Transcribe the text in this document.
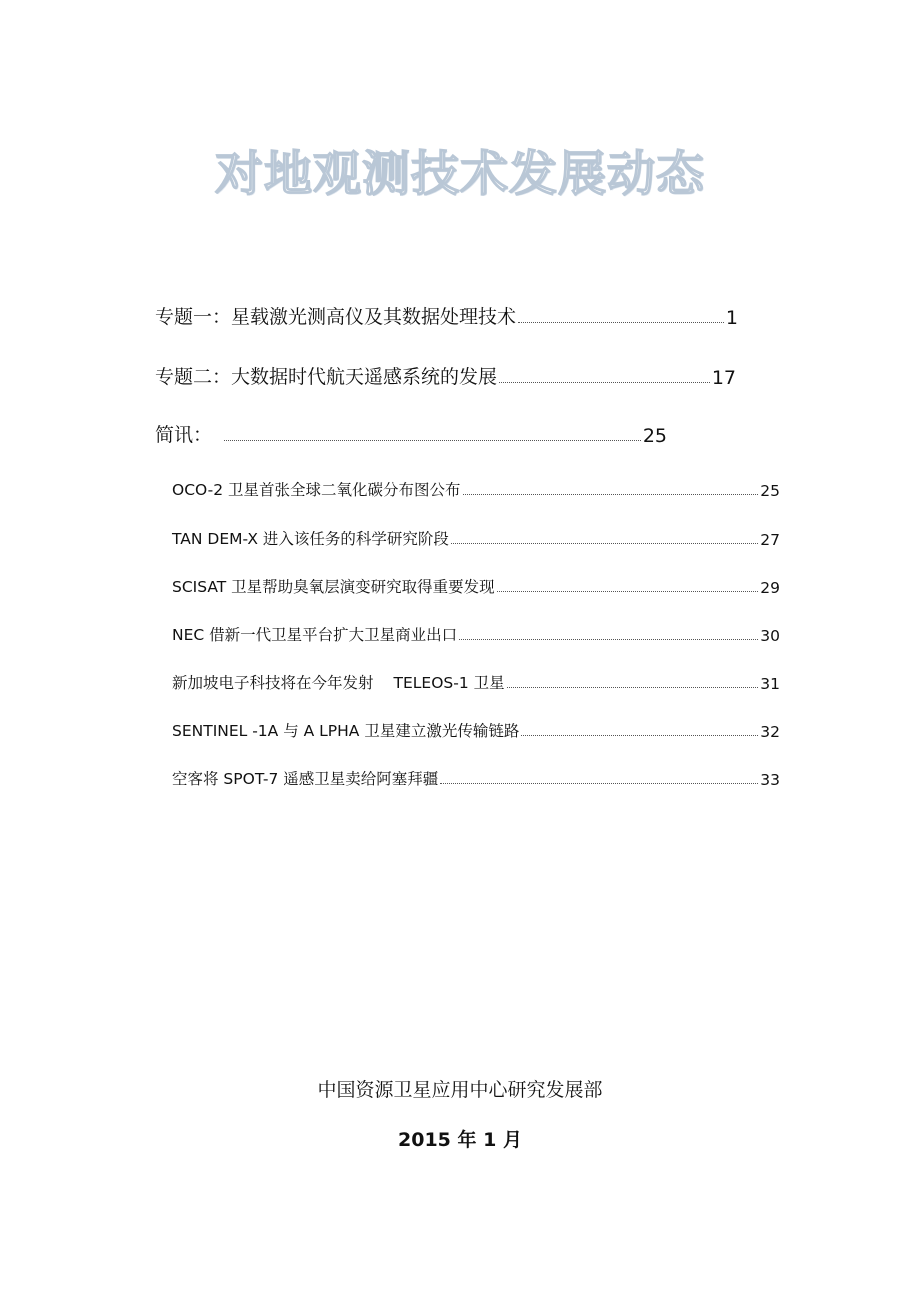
对地观测技术发展动态
专题一：星载激光测高仪及其数据处理技术	1
专题二：大数据时代航天遥感系统的发展	17
简讯：	25
OCO-2 卫星首张全球二氧化碳分布图公布	25
TAN DEM-X 进入该任务的科学研究阶段	27
SCISAT 卫星帮助臭氧层演变研究取得重要发现	29
NEC 借新一代卫星平台扩大卫星商业出口	30
新加坡电子科技将在今年发射 TELEOS-1 卫星	31
SENTINEL -1A 与 A LPHA 卫星建立激光传输链路	32
空客将 SPOT-7 遥感卫星卖给阿塞拜疆	33
中国资源卫星应用中心研究发展部
2015 年 1 月
